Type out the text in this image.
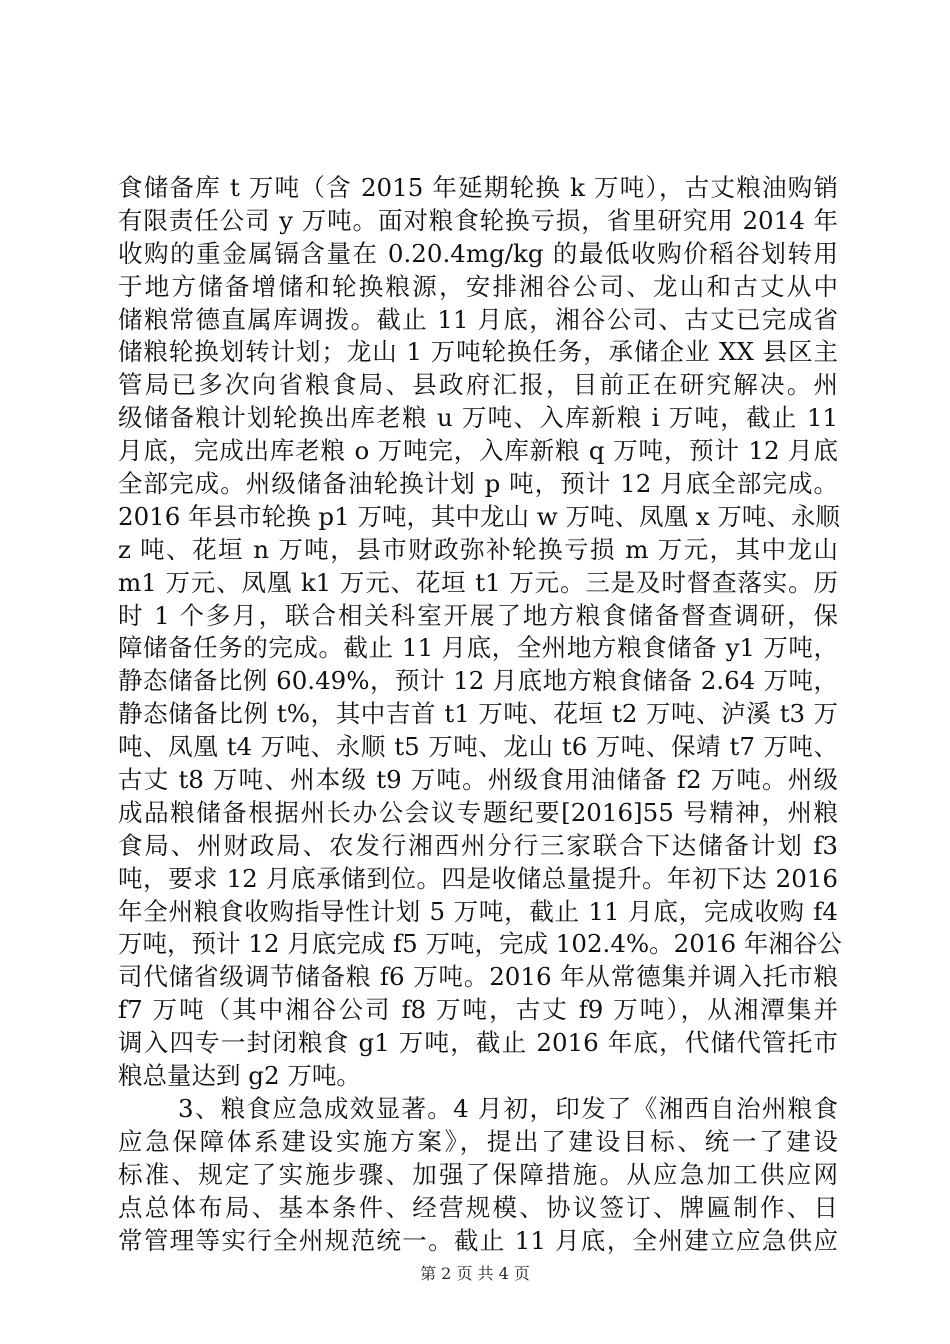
食储备库 t 万吨（含 2015 年延期轮换 k 万吨），古丈粮油购销
有限责任公司 y 万吨。面对粮食轮换亏损，省里研究用 2014 年
收购的重金属镉含量在 0.20.4mg/kg 的最低收购价稻谷划转用
于地方储备增储和轮换粮源，安排湘谷公司、龙山和古丈从中
储粮常德直属库调拨。截止 11 月底，湘谷公司、古丈已完成省
储粮轮换划转计划；龙山 1 万吨轮换任务，承储企业 XX 县区主
管局已多次向省粮食局、县政府汇报，目前正在研究解决。州
级储备粮计划轮换出库老粮 u 万吨、入库新粮 i 万吨，截止 11
月底，完成出库老粮 o 万吨完，入库新粮 q 万吨，预计 12 月底
全部完成。州级储备油轮换计划 p 吨，预计 12 月底全部完成。
2016 年县市轮换 p1 万吨，其中龙山 w 万吨、凤凰 x 万吨、永顺
z 吨、花垣 n 万吨，县市财政弥补轮换亏损 m 万元，其中龙山
m1 万元、凤凰 k1 万元、花垣 t1 万元。三是及时督查落实。历
时 1 个多月，联合相关科室开展了地方粮食储备督查调研，保
障储备任务的完成。截止 11 月底，全州地方粮食储备 y1 万吨，
静态储备比例 60.49%，预计 12 月底地方粮食储备 2.64 万吨，
静态储备比例 t%，其中吉首 t1 万吨、花垣 t2 万吨、泸溪 t3 万
吨、凤凰 t4 万吨、永顺 t5 万吨、龙山 t6 万吨、保靖 t7 万吨、
古丈 t8 万吨、州本级 t9 万吨。州级食用油储备 f2 万吨。州级
成品粮储备根据州长办公会议专题纪要[2016]55 号精神，州粮
食局、州财政局、农发行湘西州分行三家联合下达储备计划 f3
吨，要求 12 月底承储到位。四是收储总量提升。年初下达 2016
年全州粮食收购指导性计划 5 万吨，截止 11 月底，完成收购 f4
万吨，预计 12 月底完成 f5 万吨，完成 102.4%。2016 年湘谷公
司代储省级调节储备粮 f6 万吨。2016 年从常德集并调入托市粮
f7 万吨（其中湘谷公司 f8 万吨，古丈 f9 万吨），从湘潭集并
调入四专一封闭粮食 g1 万吨，截止 2016 年底，代储代管托市
粮总量达到 g2 万吨。
3、粮食应急成效显著。4 月初，印发了《湘西自治州粮食
应急保障体系建设实施方案》，提出了建设目标、统一了建设
标准、规定了实施步骤、加强了保障措施。从应急加工供应网
点总体布局、基本条件、经营规模、协议签订、牌匾制作、日
常管理等实行全州规范统一。截止 11 月底，全州建立应急供应
第 2 页 共 4 页
